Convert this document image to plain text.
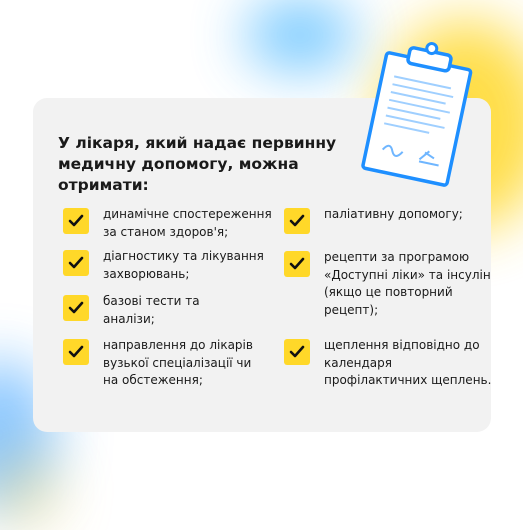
У лікаря, який надає первинну
медичну допомогу, можна отримати:
динамічне спостереження
за станом здоров'я;
діагностику та лікування
захворювань;
базові тести та
аналізи;
направлення до лікарів
вузької спеціалізації чи
на обстеження;
паліативну допомогу;
рецепти за програмою
«Доступні ліки» та інсулін
(якщо це повторний
рецепт);
щеплення відповідно до
календаря
профілактичних щеплень.
